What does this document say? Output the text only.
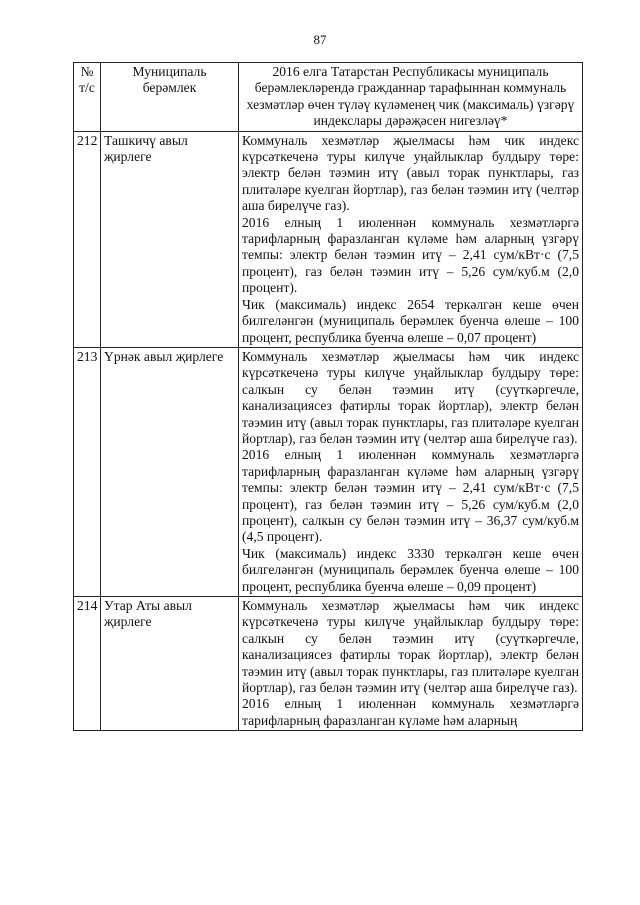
87
№ т/с	Муниципаль берәмлек	2016 елга Татарстан Республикасы муниципаль берәмлекләрендә гражданнар тарафыннан коммуналь хезмәтләр өчен түләү күләменең чик (максималь) үзгәрү индекслары дәрәҗәсен нигезләү*
212	Ташкичү авыл җирлеге	Коммуналь хезмәтләр җыелмасы һәм чик индекс күрсәткеченә туры килүче уңайлыклар булдыру төре: электр белән тәэмин итү (авыл торак пунктлары, газ плитәләре куелган йортлар), газ белән тәэмин итү (челтәр аша бирелүче газ).
2016 елның 1 июленнән коммуналь хезмәтләргә тарифларның фаразланган күләме һәм аларның үзгәрү темпы: электр белән тәэмин итү – 2,41 сум/кВт·с (7,5 процент), газ белән тәэмин итү – 5,26 сум/куб.м (2,0 процент).
Чик (максималь) индекс 2654 теркәлгән кеше өчен билгеләнгән (муниципаль берәмлек буенча өлеше – 100 процент, республика буенча өлеше – 0,07 процент)

213	Үрнәк авыл җирлеге	Коммуналь хезмәтләр җыелмасы һәм чик индекс күрсәткеченә туры килүче уңайлыклар булдыру төре: салкын су белән тәэмин итү (суүткәргечле, канализациясез фатирлы торак йортлар), электр белән тәэмин итү (авыл торак пунктлары, газ плитәләре куелган йортлар), газ белән тәэмин итү (челтәр аша бирелүче газ).
2016 елның 1 июленнән коммуналь хезмәтләргә тарифларның фаразланган күләме һәм аларның үзгәрү темпы: электр белән тәэмин итү – 2,41 сум/кВт·с (7,5 процент), газ белән тәэмин итү – 5,26 сум/куб.м (2,0 процент), салкын су белән тәэмин итү – 36,37 сум/куб.м (4,5 процент).
Чик (максималь) индекс 3330 теркәлгән кеше өчен билгеләнгән (муниципаль берәмлек буенча өлеше – 100 процент, республика буенча өлеше – 0,09 процент)

214	Утар Аты авыл җирлеге	Коммуналь хезмәтләр җыелмасы һәм чик индекс күрсәткеченә туры килүче уңайлыклар булдыру төре: салкын су белән тәэмин итү (суүткәргечле, канализациясез фатирлы торак йортлар), электр белән тәэмин итү (авыл торак пунктлары, газ плитәләре куелган йортлар), газ белән тәэмин итү (челтәр аша бирелүче газ).
2016 елның 1 июленнән коммуналь хезмәтләргә тарифларның фаразланган күләме һәм аларның
